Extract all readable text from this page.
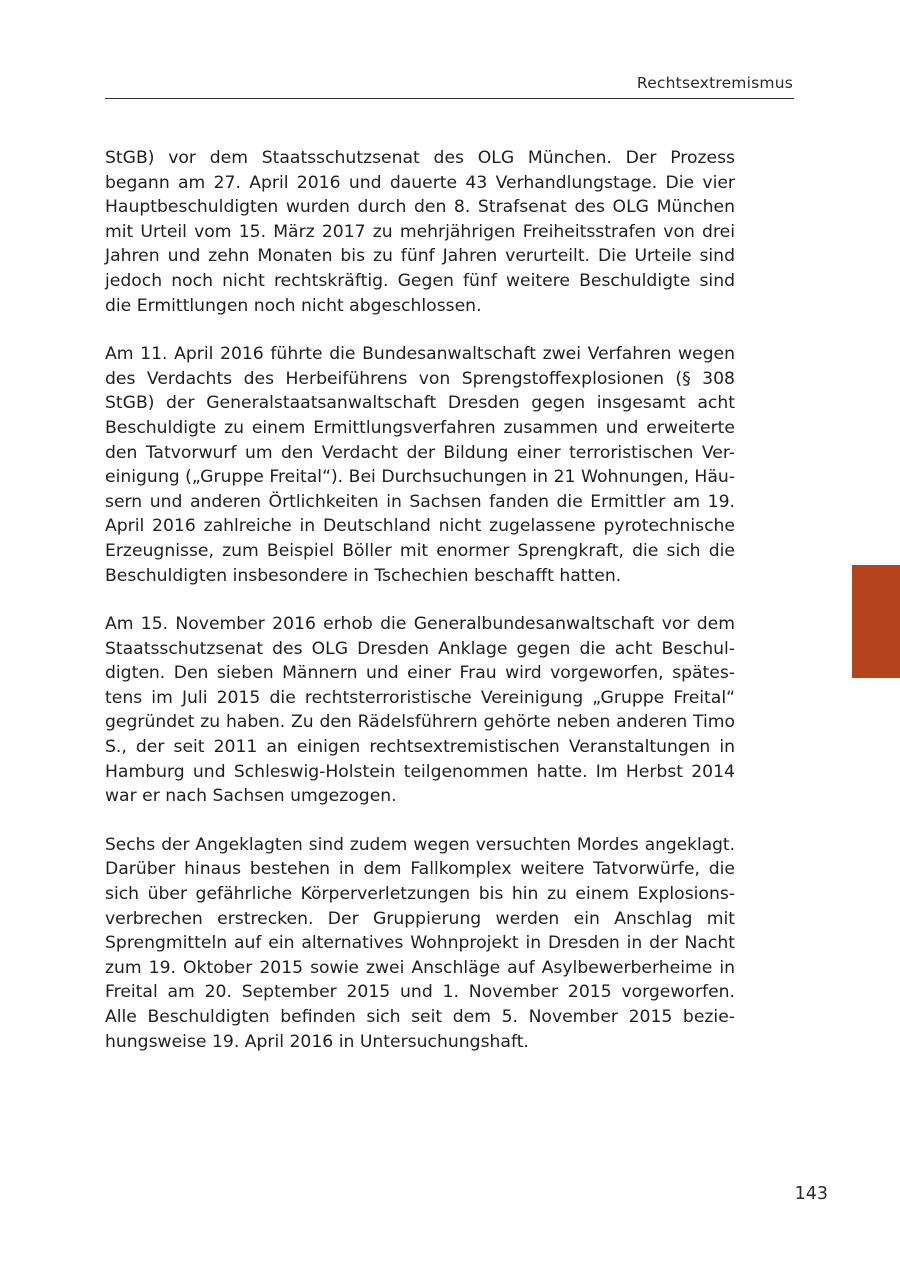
Rechtsextremismus

StGB) vor dem Staatsschutzsenat des OLG München. Der Prozess
begann am 27. April 2016 und dauerte 43 Verhandlungstage. Die vier
Hauptbeschuldigten wurden durch den 8. Strafsenat des OLG München
mit Urteil vom 15. März 2017 zu mehrjährigen Freiheitsstrafen von drei
Jahren und zehn Monaten bis zu fünf Jahren verurteilt. Die Urteile sind
jedoch noch nicht rechtskräftig. Gegen fünf weitere Beschuldigte sind
die Ermittlungen noch nicht abgeschlossen.

Am 11. April 2016 führte die Bundesanwaltschaft zwei Verfahren wegen
des Verdachts des Herbeiführens von Sprengstoffexplosionen (§ 308
StGB) der Generalstaatsanwaltschaft Dresden gegen insgesamt acht
Beschuldigte zu einem Ermittlungsverfahren zusammen und erweiterte
den Tatvorwurf um den Verdacht der Bildung einer terroristischen Ver-
einigung („Gruppe Freital“). Bei Durchsuchungen in 21 Wohnungen, Häu-
sern und anderen Örtlichkeiten in Sachsen fanden die Ermittler am 19.
April 2016 zahlreiche in Deutschland nicht zugelassene pyrotechnische
Erzeugnisse, zum Beispiel Böller mit enormer Sprengkraft, die sich die
Beschuldigten insbesondere in Tschechien beschafft hatten.

Am 15. November 2016 erhob die Generalbundesanwaltschaft vor dem
Staatsschutzsenat des OLG Dresden Anklage gegen die acht Beschul-
digten. Den sieben Männern und einer Frau wird vorgeworfen, spätes-
tens im Juli 2015 die rechtsterroristische Vereinigung „Gruppe Freital“
gegründet zu haben. Zu den Rädelsführern gehörte neben anderen Timo
S., der seit 2011 an einigen rechtsextremistischen Veranstaltungen in
Hamburg und Schleswig-Holstein teilgenommen hatte. Im Herbst 2014
war er nach Sachsen umgezogen.

Sechs der Angeklagten sind zudem wegen versuchten Mordes angeklagt.
Darüber hinaus bestehen in dem Fallkomplex weitere Tatvorwürfe, die
sich über gefährliche Körperverletzungen bis hin zu einem Explosions-
verbrechen erstrecken. Der Gruppierung werden ein Anschlag mit
Sprengmitteln auf ein alternatives Wohnprojekt in Dresden in der Nacht
zum 19. Oktober 2015 sowie zwei Anschläge auf Asylbewerberheime in
Freital am 20. September 2015 und 1. November 2015 vorgeworfen.
Alle Beschuldigten befinden sich seit dem 5. November 2015 bezie-
hungsweise 19. April 2016 in Untersuchungshaft.

143
